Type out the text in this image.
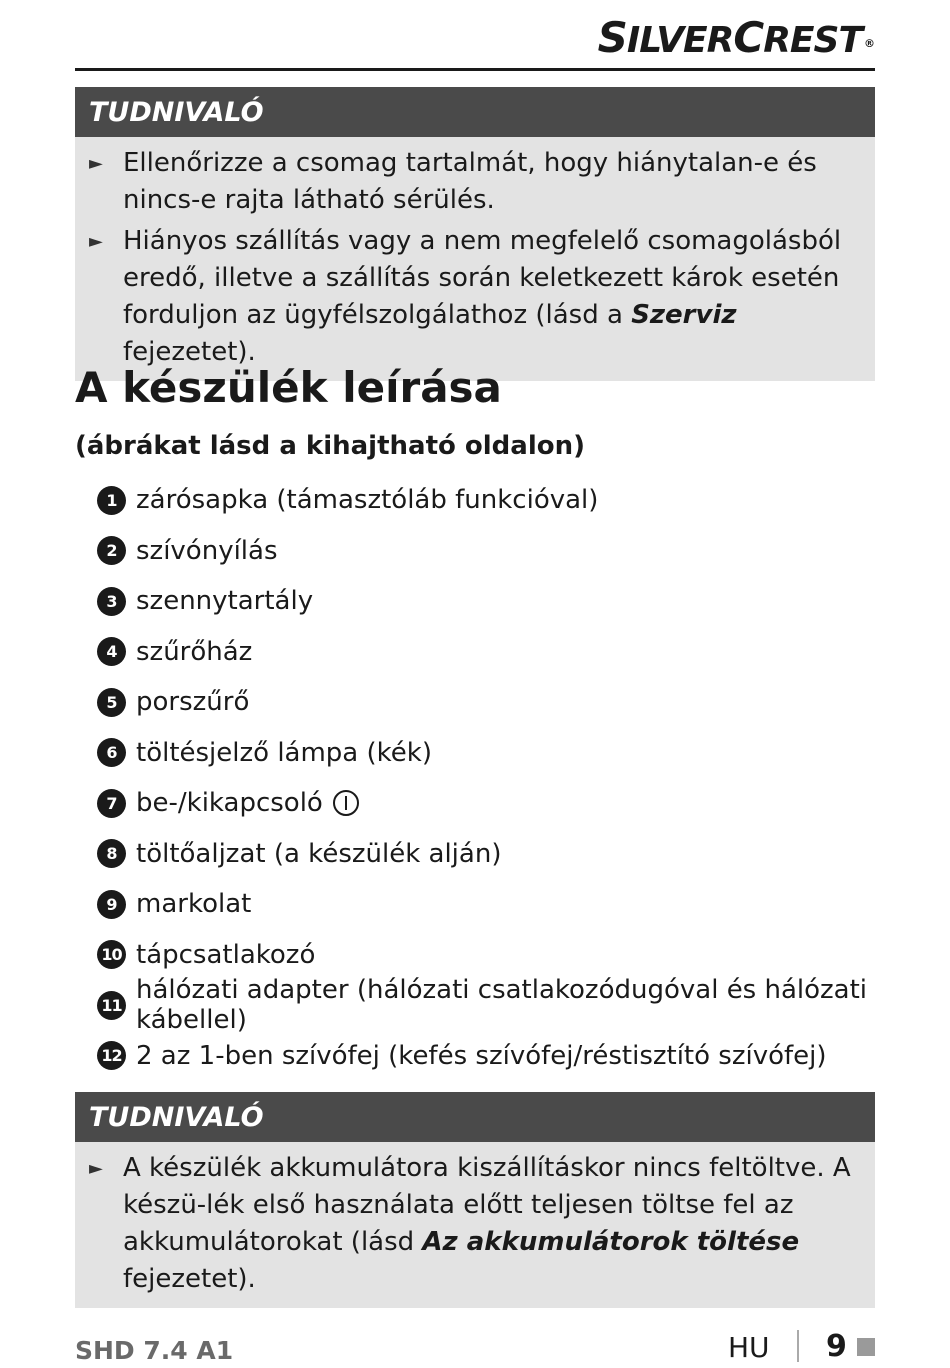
SILVERCREST ®
TUDNIVALÓ
► Ellenőrizze a csomag tartalmát, hogy hiánytalan-e és nincs-e rajta látható sérülés.
► Hiányos szállítás vagy a nem megfelelő csomagolásból eredő, illetve a szállítás során keletkezett károk esetén forduljon az ügyfélszolgálathoz (lásd a Szerviz fejezetet).
A készülék leírása
(ábrákat lásd a kihajtható oldalon)
1 zárósapka (támasztóláb funkcióval)
2 szívónyílás
3 szennytartály
4 szűrőház
5 porszűrő
6 töltésjelző lámpa (kék)
7 be-/kikapcsoló
8 töltőaljzat (a készülék alján)
9 markolat
10 tápcsatlakozó
11 hálózati adapter (hálózati csatlakozódugóval és hálózati kábellel)
12 2 az 1-ben szívófej (kefés szívófej/réstisztító szívófej)
TUDNIVALÓ
► A készülék akkumulátora kiszállításkor nincs feltöltve. A készü-lék első használata előtt teljesen töltse fel az akkumulátorokat (lásd Az akkumulátorok töltése fejezetet).
SHD 7.4 A1	HU 9
